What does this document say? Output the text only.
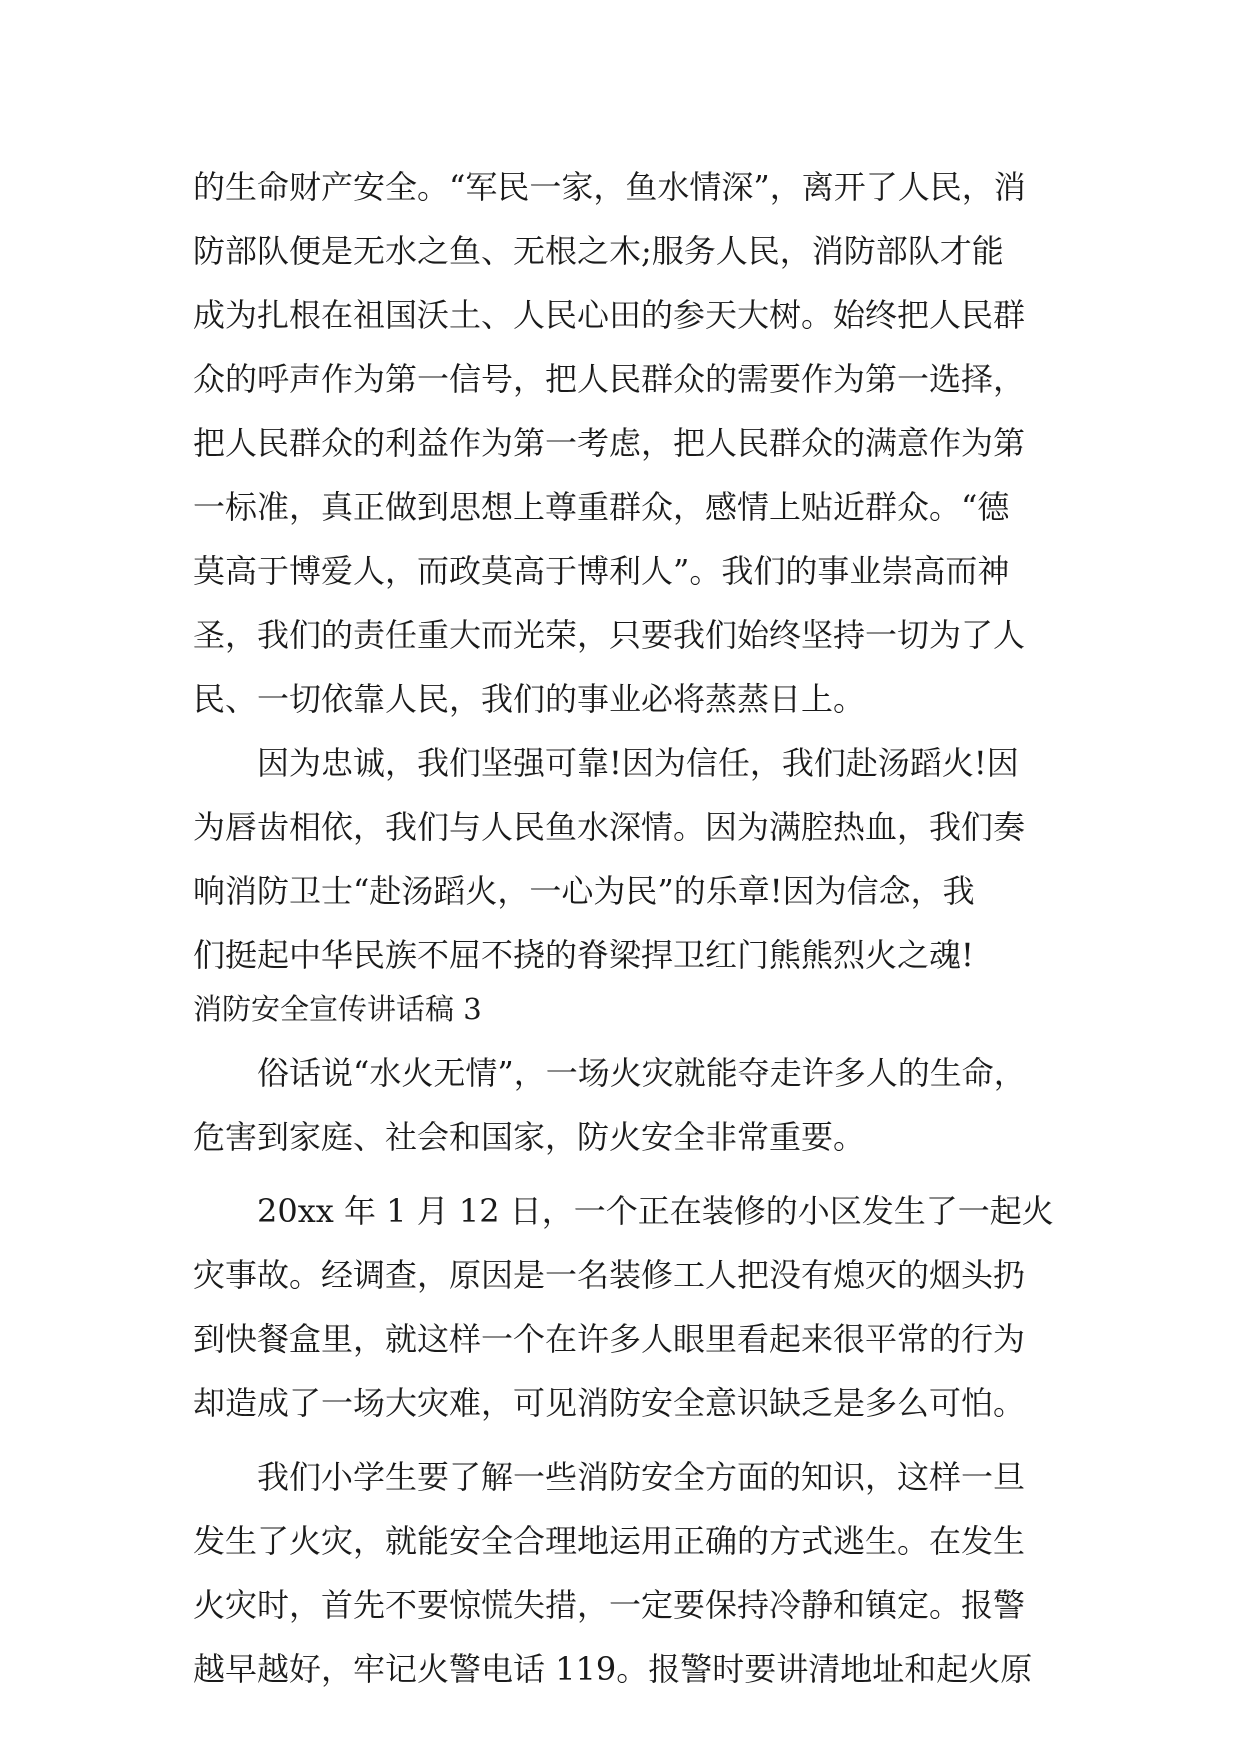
的生命财产安全。“军民一家，鱼水情深”，离开了人民，消
防部队便是无水之鱼、无根之木;服务人民，消防部队才能
成为扎根在祖国沃土、人民心田的参天大树。始终把人民群
众的呼声作为第一信号，把人民群众的需要作为第一选择，
把人民群众的利益作为第一考虑，把人民群众的满意作为第
一标准，真正做到思想上尊重群众，感情上贴近群众。“德
莫高于博爱人，而政莫高于博利人”。我们的事业崇高而神
圣，我们的责任重大而光荣，只要我们始终坚持一切为了人
民、一切依靠人民，我们的事业必将蒸蒸日上。
因为忠诚，我们坚强可靠!因为信任，我们赴汤蹈火!因
为唇齿相依，我们与人民鱼水深情。因为满腔热血，我们奏
响消防卫士“赴汤蹈火，一心为民”的乐章!因为信念，我
们挺起中华民族不屈不挠的脊梁捍卫红门熊熊烈火之魂!
消防安全宣传讲话稿 3
俗话说“水火无情”，一场火灾就能夺走许多人的生命，
危害到家庭、社会和国家，防火安全非常重要。
20xx 年 1 月 12 日，一个正在装修的小区发生了一起火
灾事故。经调查，原因是一名装修工人把没有熄灭的烟头扔
到快餐盒里，就这样一个在许多人眼里看起来很平常的行为
却造成了一场大灾难，可见消防安全意识缺乏是多么可怕。
我们小学生要了解一些消防安全方面的知识，这样一旦
发生了火灾，就能安全合理地运用正确的方式逃生。在发生
火灾时，首先不要惊慌失措，一定要保持冷静和镇定。报警
越早越好，牢记火警电话 119。报警时要讲清地址和起火原
